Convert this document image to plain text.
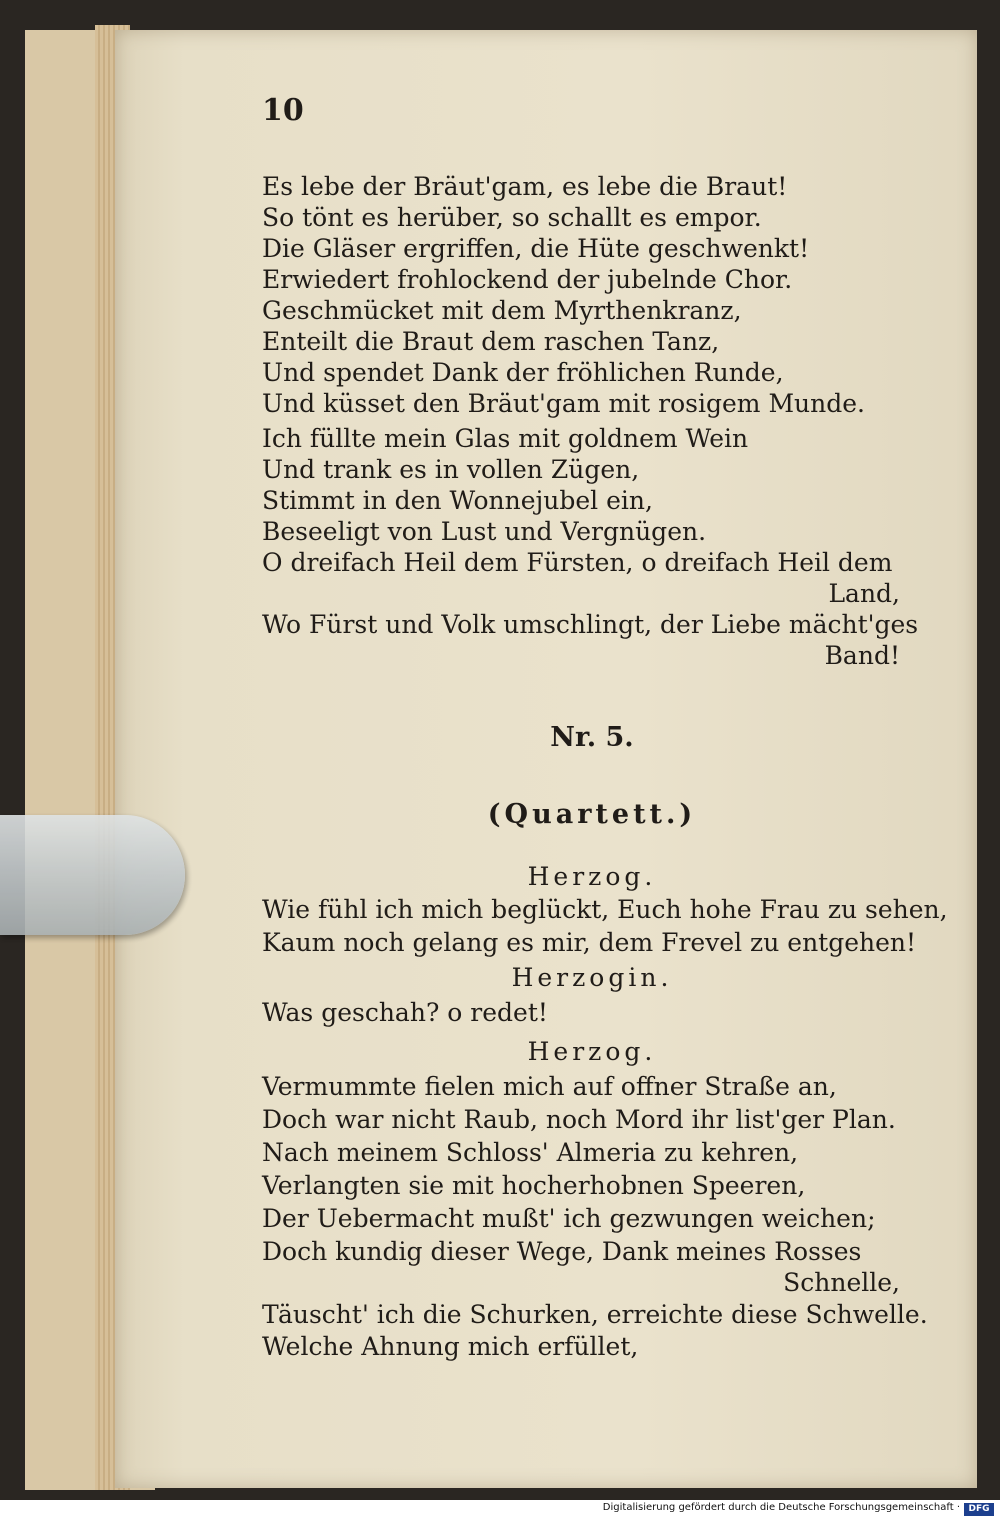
10
Es lebe der Bräut'gam, es lebe die Braut!
So tönt es herüber, so schallt es empor.
Die Gläser ergriffen, die Hüte geschwenkt!
Erwiedert frohlockend der jubelnde Chor.
Geschmücket mit dem Myrthenkranz,
Enteilt die Braut dem raschen Tanz,
Und spendet Dank der fröhlichen Runde,
Und küsset den Bräut'gam mit rosigem Munde.
Ich füllte mein Glas mit goldnem Wein
Und trank es in vollen Zügen,
Stimmt in den Wonnejubel ein,
Beseeligt von Lust und Vergnügen.
O dreifach Heil dem Fürsten, o dreifach Heil dem
Land,
Wo Fürst und Volk umschlingt, der Liebe mächt'ges
Band!
Nr. 5.
(Quartett.)
Herzog.
Wie fühl ich mich beglückt, Euch hohe Frau zu sehen,
Kaum noch gelang es mir, dem Frevel zu entgehen!
Herzogin.
Was geschah? o redet!
Herzog.
Vermummte fielen mich auf offner Straße an,
Doch war nicht Raub, noch Mord ihr list'ger Plan.
Nach meinem Schloss' Almeria zu kehren,
Verlangten sie mit hocherhobnen Speeren,
Der Uebermacht mußt' ich gezwungen weichen;
Doch kundig dieser Wege, Dank meines Rosses
Schnelle,
Täuscht' ich die Schurken, erreichte diese Schwelle.
Welche Ahnung mich erfüllet,
Digitalisierung gefördert durch die Deutsche Forschungsgemeinschaft · DFG
